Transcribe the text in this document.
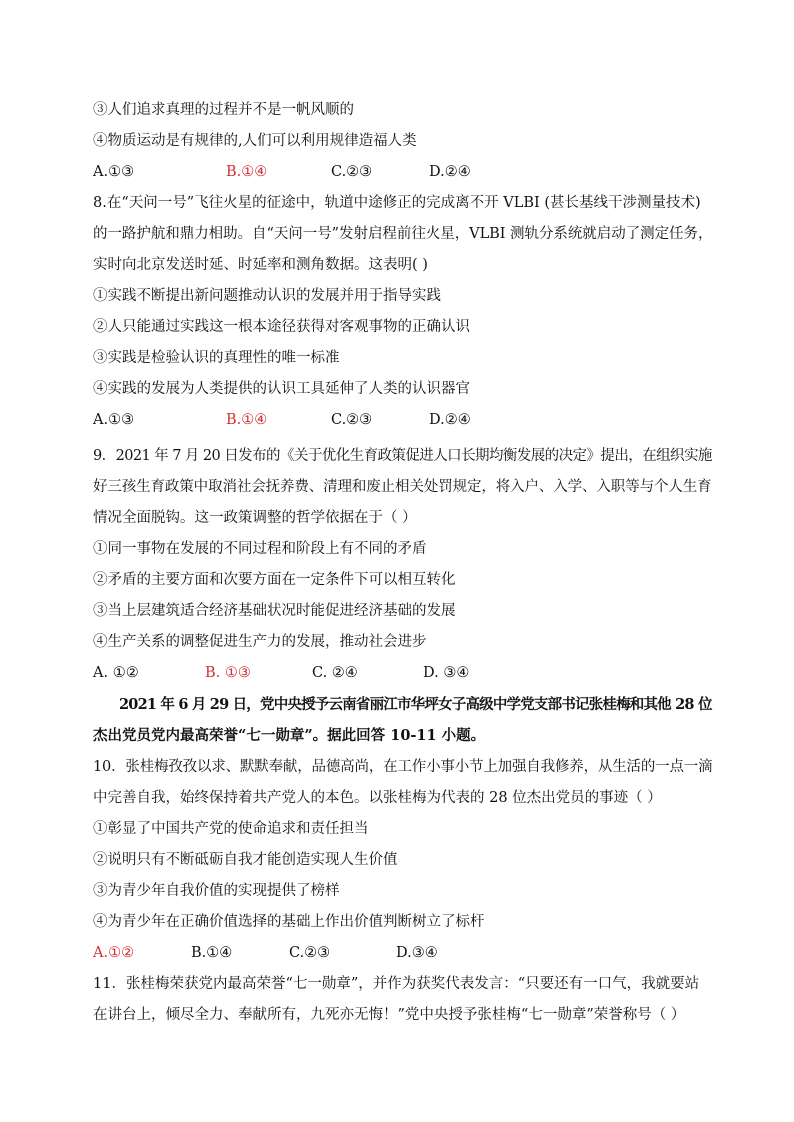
③人们追求真理的过程并不是一帆风顺的
④物质运动是有规律的,人们可以利用规律造福人类
A.①③	B.①④	C.②③	D.②④
8.在“天问一号”飞往火星的征途中，轨道中途修正的完成离不开 VLBI (甚长基线干涉测量技术)
的一路护航和鼎力相助。自“天问一号”发射启程前往火星，VLBI 测轨分系统就启动了测定任务，
实时向北京发送时延、时延率和测角数据。这表明( )
①实践不断提出新问题推动认识的发展并用于指导实践
②人只能通过实践这一根本途径获得对客观事物的正确认识
③实践是检验认识的真理性的唯一标准
④实践的发展为人类提供的认识工具延伸了人类的认识器官
A.①③	B.①④	C.②③	D.②④
9．2021 年 7 月 20 日发布的《关于优化生育政策促进人口长期均衡发展的决定》提出，在组织实施
好三孩生育政策中取消社会抚养费、清理和废止相关处罚规定，将入户、入学、入职等与个人生育
情况全面脱钩。这一政策调整的哲学依据在于（ ）
①同一事物在发展的不同过程和阶段上有不同的矛盾
②矛盾的主要方面和次要方面在一定条件下可以相互转化
③当上层建筑适合经济基础状况时能促进经济基础的发展
④生产关系的调整促进生产力的发展，推动社会进步
A. ①②	B. ①③	C. ②④	D. ③④
2021 年 6 月 29 日，党中央授予云南省丽江市华坪女子高级中学党支部书记张桂梅和其他 28 位
杰出党员党内最高荣誉“七一勋章”。据此回答 10-11 小题。
10．张桂梅孜孜以求、默默奉献，品德高尚，在工作小事小节上加强自我修养，从生活的一点一滴
中完善自我，始终保持着共产党人的本色。以张桂梅为代表的 28 位杰出党员的事迹（ ）
①彰显了中国共产党的使命追求和责任担当
②说明只有不断砥砺自我才能创造实现人生价值
③为青少年自我价值的实现提供了榜样
④为青少年在正确价值选择的基础上作出价值判断树立了标杆
A.①②	B.①④	C.②③	D.③④
11．张桂梅荣获党内最高荣誉“七一勋章”，并作为获奖代表发言：“只要还有一口气，我就要站
在讲台上，倾尽全力、奉献所有，九死亦无悔！”党中央授予张桂梅“七一勋章”荣誉称号（ ）
